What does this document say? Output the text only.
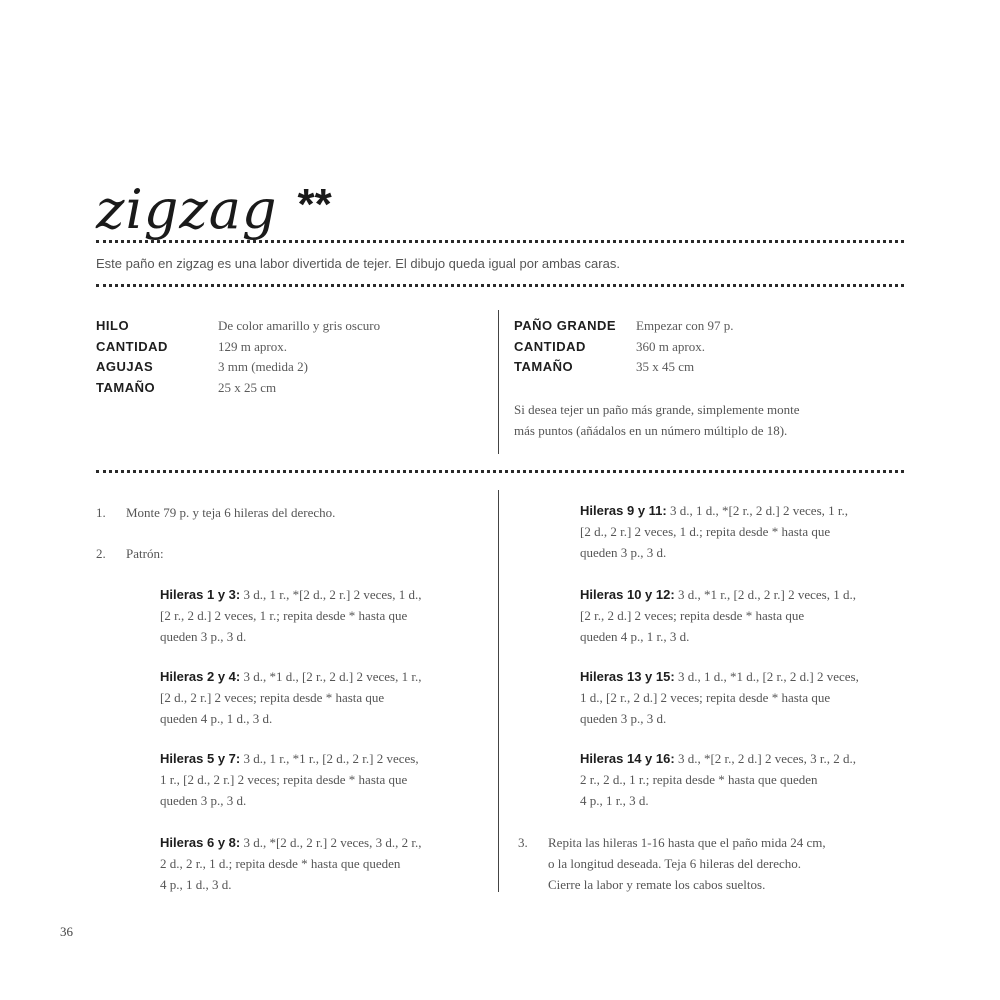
zigzag **
Este paño en zigzag es una labor divertida de tejer. El dibujo queda igual por ambas caras.
HILO	De color amarillo y gris oscuro
CANTIDAD	129 m aprox.
AGUJAS	3 mm (medida 2)
TAMAÑO	25 x 25 cm
PAÑO GRANDE	Empezar con 97 p.
CANTIDAD	360 m aprox.
TAMAÑO	35 x 45 cm
Si desea tejer un paño más grande, simplemente monte
más puntos (añádalos en un número múltiplo de 18).
1. Monte 79 p. y teja 6 hileras del derecho.
2. Patrón:
Hileras 1 y 3: 3 d., 1 r., *[2 d., 2 r.] 2 veces, 1 d.,
[2 r., 2 d.] 2 veces, 1 r.; repita desde * hasta que
queden 3 p., 3 d.
Hileras 2 y 4: 3 d., *1 d., [2 r., 2 d.] 2 veces, 1 r.,
[2 d., 2 r.] 2 veces; repita desde * hasta que
queden 4 p., 1 d., 3 d.
Hileras 5 y 7: 3 d., 1 r., *1 r., [2 d., 2 r.] 2 veces,
1 r., [2 d., 2 r.] 2 veces; repita desde * hasta que
queden 3 p., 3 d.
Hileras 6 y 8: 3 d., *[2 d., 2 r.] 2 veces, 3 d., 2 r.,
2 d., 2 r., 1 d.; repita desde * hasta que queden
4 p., 1 d., 3 d.
Hileras 9 y 11: 3 d., 1 d., *[2 r., 2 d.] 2 veces, 1 r.,
[2 d., 2 r.] 2 veces, 1 d.; repita desde * hasta que
queden 3 p., 3 d.
Hileras 10 y 12: 3 d., *1 r., [2 d., 2 r.] 2 veces, 1 d.,
[2 r., 2 d.] 2 veces; repita desde * hasta que
queden 4 p., 1 r., 3 d.
Hileras 13 y 15: 3 d., 1 d., *1 d., [2 r., 2 d.] 2 veces,
1 d., [2 r., 2 d.] 2 veces; repita desde * hasta que
queden 3 p., 3 d.
Hileras 14 y 16: 3 d., *[2 r., 2 d.] 2 veces, 3 r., 2 d.,
2 r., 2 d., 1 r.; repita desde * hasta que queden
4 p., 1 r., 3 d.
3. Repita las hileras 1-16 hasta que el paño mida 24 cm,
o la longitud deseada. Teja 6 hileras del derecho.
Cierre la labor y remate los cabos sueltos.
36
